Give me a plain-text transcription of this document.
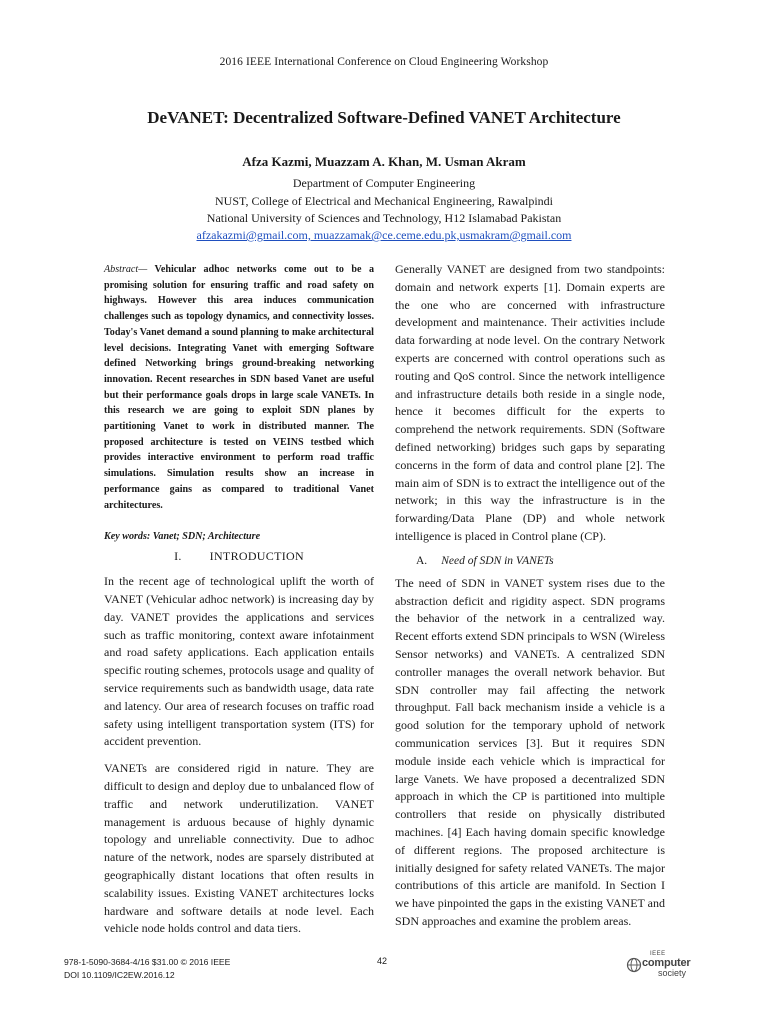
2016 IEEE International Conference on Cloud Engineering Workshop
DeVANET: Decentralized Software-Defined VANET Architecture
Afza Kazmi, Muazzam A. Khan, M. Usman Akram
Department of Computer Engineering
NUST, College of Electrical and Mechanical Engineering, Rawalpindi
National University of Sciences and Technology, H12 Islamabad Pakistan
afzakazmi@gmail.com, muazzamak@ce.ceme.edu.pk,usmakram@gmail.com

Abstract— Vehicular adhoc networks come out to be a promising solution for ensuring traffic and road safety on highways. However this area induces communication challenges such as topology dynamics, and connectivity losses. Today's Vanet demand a sound planning to make architectural level decisions. Integrating Vanet with emerging Software defined Networking brings ground-breaking networking innovation. Recent researches in SDN based Vanet are useful but their performance goals drops in large scale VANETs. In this research we are going to exploit SDN planes by partitioning Vanet to work in distributed manner. The proposed architecture is tested on VEINS testbed which provides interactive environment to perform road traffic simulations. Simulation results show an increase in performance gains as compared to traditional Vanet architectures.

Key words: Vanet; SDN; Architecture

I. INTRODUCTION

In the recent age of technological uplift the worth of VANET (Vehicular adhoc network) is increasing day by day. VANET provides the applications and services such as traffic monitoring, context aware infotainment and road safety applications. Each application entails specific routing schemes, protocols usage and quality of service requirements such as bandwidth usage, data rate and latency. Our area of research focuses on traffic road safety using intelligent transportation system (ITS) for accident prevention.

VANETs are considered rigid in nature. They are difficult to design and deploy due to unbalanced flow of traffic and network underutilization. VANET management is arduous because of highly dynamic topology and unreliable connectivity. Due to adhoc nature of the network, nodes are sparsely distributed at geographically distant locations that often results in scalability issues. Existing VANET architectures locks hardware and software details at node level. Each vehicle node holds control and data tiers.

Generally VANET are designed from two standpoints: domain and network experts [1]. Domain experts are the one who are concerned with infrastructure development and maintenance. Their activities include data forwarding at node level. On the contrary Network experts are concerned with control operations such as routing and QoS control. Since the network intelligence and infrastructure details both reside in a single node, hence it becomes difficult for the experts to comprehend the network requirements. SDN (Software defined networking) bridges such gaps by separating concerns in the form of data and control plane [2]. The main aim of SDN is to extract the intelligence out of the network; in this way the infrastructure is in the forwarding/Data Plane (DP) and whole network intelligence is placed in Control plane (CP).

A. Need of SDN in VANETs

The need of SDN in VANET system rises due to the abstraction deficit and rigidity aspect. SDN programs the behavior of the network in a centralized way. Recent efforts extend SDN principals to WSN (Wireless Sensor networks) and VANETs. A centralized SDN controller manages the overall network behavior. But SDN controller may fail affecting the network throughput. Fall back mechanism inside a vehicle is a good solution for the temporary uphold of network communication services [3]. But it requires SDN module inside each vehicle which is impractical for large Vanets. We have proposed a decentralized SDN approach in which the CP is partitioned into multiple controllers that reside on physically distributed machines. [4] Each having domain specific knowledge of different regions. The proposed architecture is initially designed for safety related VANETs. The major contributions of this article are manifold. In Section I we have pinpointed the gaps in the existing VANET and SDN approaches and examine the problem areas.

978-1-5090-3684-4/16 $31.00 © 2016 IEEE
DOI 10.1109/IC2EW.2016.12
42
IEEE
computer
society
